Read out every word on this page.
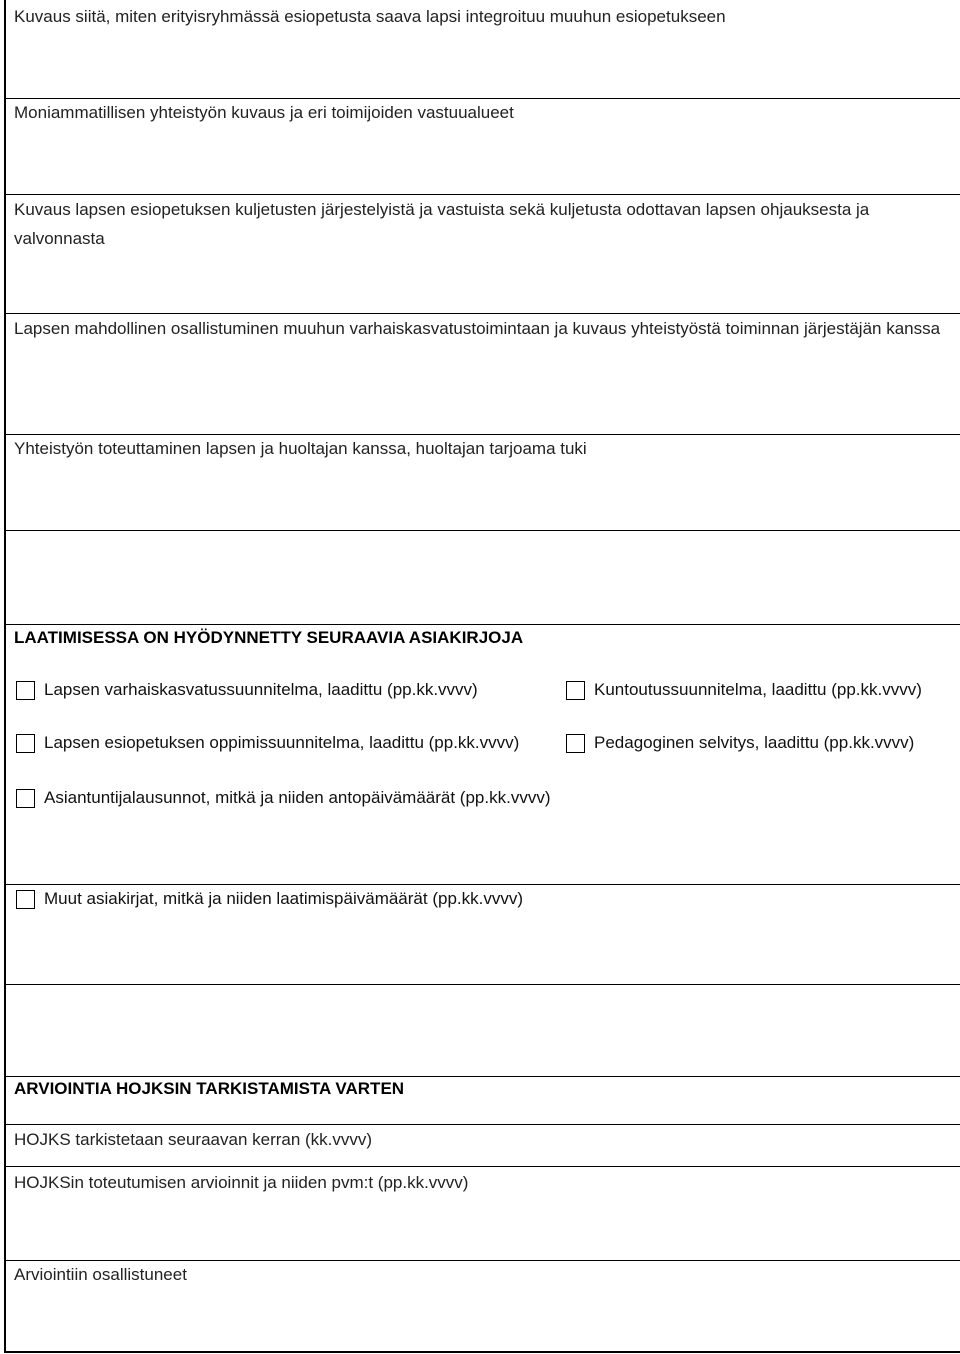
Kuvaus siitä, miten erityisryhmässä esiopetusta saava lapsi integroituu muuhun esiopetukseen
Moniammatillisen yhteistyön kuvaus ja eri toimijoiden vastuualueet
Kuvaus lapsen esiopetuksen kuljetusten järjestelyistä ja vastuista sekä kuljetusta odottavan lapsen ohjauksesta ja valvonnasta
Lapsen mahdollinen osallistuminen muuhun varhaiskasvatustoimintaan ja kuvaus yhteistyöstä toiminnan järjestäjän kanssa
Yhteistyön toteuttaminen lapsen ja huoltajan kanssa, huoltajan tarjoama tuki
LAATIMISESSA ON HYÖDYNNETTY SEURAAVIA ASIAKIRJOJA
Lapsen varhaiskasvatussuunnitelma, laadittu (pp.kk.vvvv)	Kuntoutussuunnitelma, laadittu (pp.kk.vvvv)
Lapsen esiopetuksen oppimissuunnitelma, laadittu (pp.kk.vvvv)	Pedagoginen selvitys, laadittu (pp.kk.vvvv)
Asiantuntijalausunnot, mitkä ja niiden antopäivämäärät (pp.kk.vvvv)
Muut asiakirjat, mitkä ja niiden laatimispäivämäärät (pp.kk.vvvv)
ARVIOINTIA HOJKSIN TARKISTAMISTA VARTEN
HOJKS tarkistetaan seuraavan kerran (kk.vvvv)
HOJKSin toteutumisen arvioinnit ja niiden pvm:t (pp.kk.vvvv)
Arviointiin osallistuneet
